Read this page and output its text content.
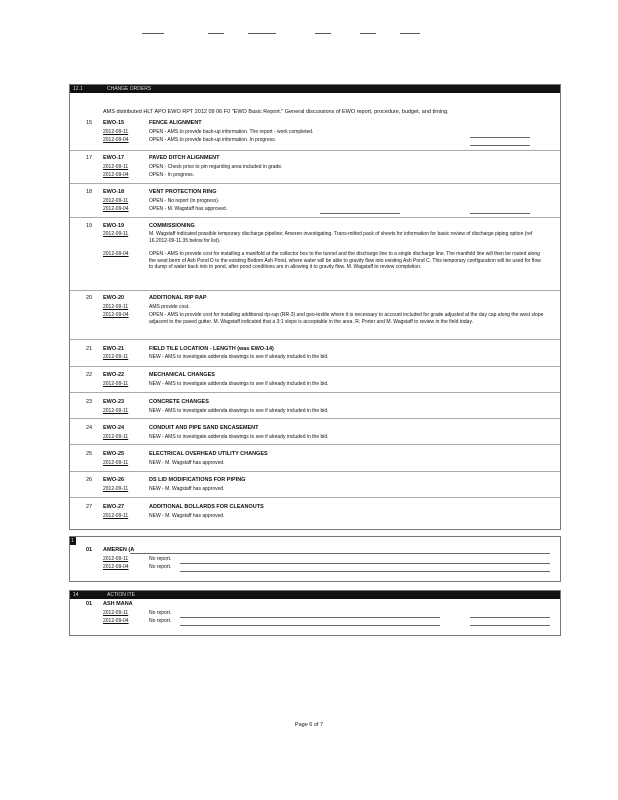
12.1	CHANGE ORDERS
AMS distributed HLT APO EWO RPT 2012 09 06 F0 "EWO Basic Report." General discussions of EWO report, procedure, budget, and timing.
15 EWO-15	FENCE ALIGNMENT
2012-09-11	OPEN - AMS to provide back-up information. The report - work completed.
2012-09-04	OPEN - AMS to provide back-up information. In progress.
17 EWO-17	PAVED DITCH ALIGNMENT
2012-09-11	OPEN - Check price to pin regarding area included in grade.
2012-09-04	OPEN - In progress.
18 EWO-18	VENT PROTECTION RING
2012-09-11	OPEN - No report (in progress).
2012-09-04	OPEN - M. Wagstaff has approved.
19 EWO-19	COMMISSIONING
2012-09-11	M. Wagstaff indicated possible temporary discharge pipeline; Ameren investigating. Trans-mitted pack of sheets for information for basic review of discharge piping option (ref 16.2012-09-11.35 below for list).
2012-09-04	OPEN - AMS to provide cost for installing a manifold at the collector box to the tunnel and the discharge line to a single discharge line. The manifold line will then be routed along the west berm of Ash Pond D to the existing Bottom Ash Pond, where water will be able to gravity flow into existing Ash Pond C. This temporary configuration will be used for flow to dump of water back into to pond, after pond conditions are in allowing it to gravity flow. M. Wagstaff to review completion.
20 EWO-20	ADDITIONAL RIP RAP
2012-09-11	AMS provide cost.
2012-09-04	OPEN - AMS to provide cost for installing additional rip-rap (RR-3) and geo-textile where it is necessary to account included for grade adjusted at the day cap along the west slope adjacent to the paved gutter. M. Wagstaff indicated that a 3:1 slope is acceptable in the area. R. Porter and M. Wagstaff to review in the field today.
21 EWO-21	FIELD TILE LOCATION - LENGTH (was EWO-14)
2012-09-11	NEW - AMS to investigate addenda drawings to see if already included in the bid.
22 EWO-22	MECHANICAL CHANGES
2012-09-11	NEW - AMS to investigate addenda drawings to see if already included in the bid.
23 EWO-23	CONCRETE CHANGES
2012-09-11	NEW - AMS to investigate addenda drawings to see if already included in the bid.
24 EWO-24	CONDUIT AND PIPE SAND ENCASEMENT
2012-09-11	NEW - AMS to investigate addenda drawings to see if already included in the bid.
25 EWO-25	ELECTRICAL OVERHEAD UTILITY CHANGES
2012-09-11	NEW - M. Wagstaff has approved.
26 EWO-26	DS LID MODIFICATIONS FOR PIPING
2012-09-11	NEW - M. Wagstaff has approved.
27 EWO-27	ADDITIONAL BOLLARDS FOR CLEANOUTS
2012-09-11	NEW - M. Wagstaff has approved.
1
01 AMEREN (A
2012-09-11	No report.
2012-09-04	No report.
14	ACTION ITE
01 ASH MANA
2012-09-11	No report.
2012-09-04	No report.
Page 6 of 7
